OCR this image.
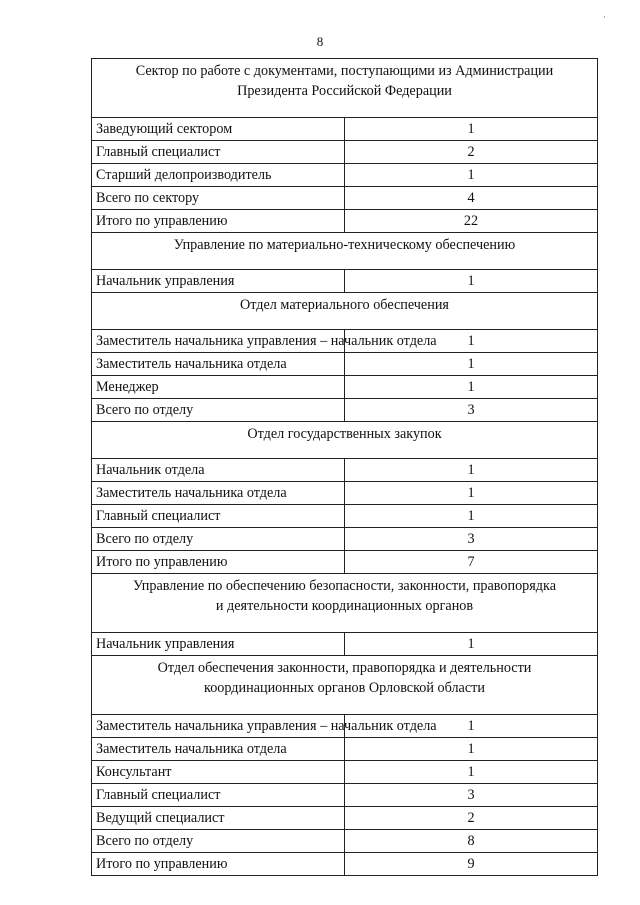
8
·
Сектор по работе с документами, поступающими из Администрации
Президента Российской Федерации	

Заведующий сектором	1
Главный специалист	2
Старший делопроизводитель	1
Всего по сектору	4
Итого по управлению	22

Управление по материально-техническому обеспечению	

Начальник управления	1

Отдел материального обеспечения	

Заместитель начальника управления – начальник отдела	1
Заместитель начальника отдела	1
Менеджер	1
Всего по отделу	3

Отдел государственных закупок	

Начальник отдела	1
Заместитель начальника отдела	1
Главный специалист	1
Всего по отделу	3
Итого по управлению	7

Управление по обеспечению безопасности, законности, правопорядка
и деятельности координационных органов	

Начальник управления	1

Отдел обеспечения законности, правопорядка и деятельности
координационных органов Орловской области	

Заместитель начальника управления – начальник отдела	1
Заместитель начальника отдела	1
Консультант	1
Главный специалист	3
Ведущий специалист	2
Всего по отделу	8
Итого по управлению	9
